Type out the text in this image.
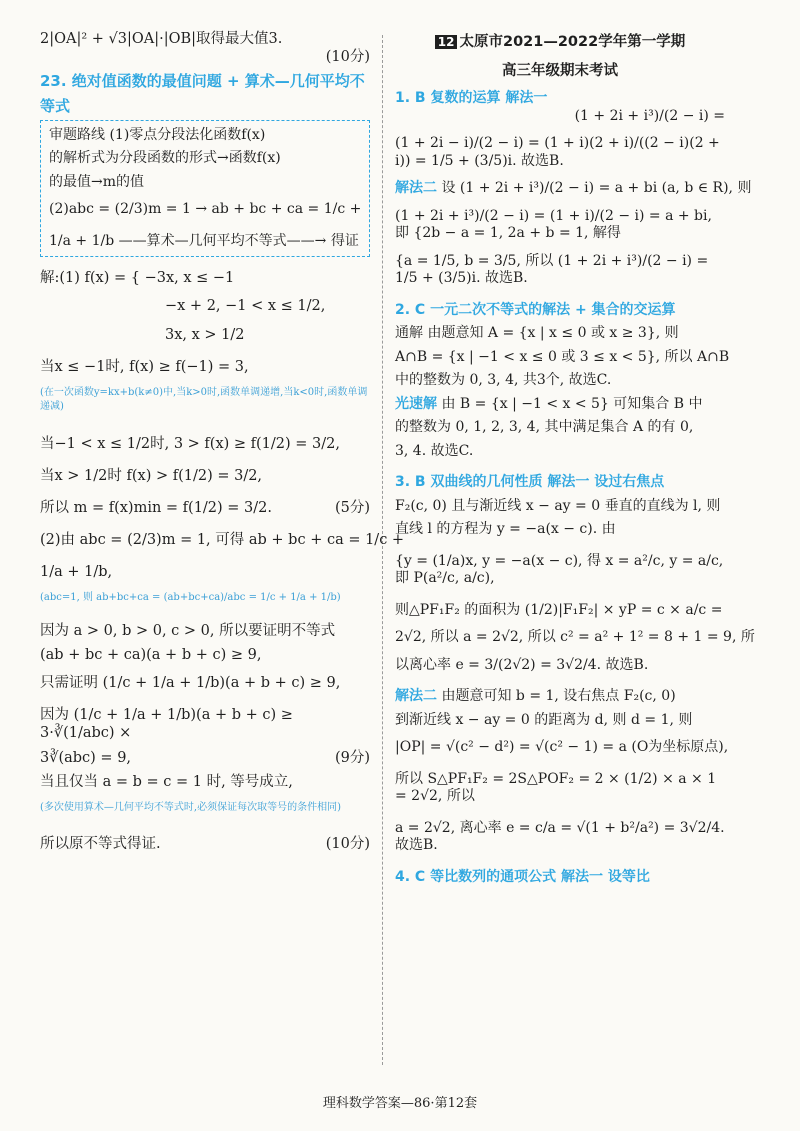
2|OA|² + √3|OA|·|OB|取得最大值3.

(10分)

23. 绝对值函数的最值问题 + 算术—几何平均不

等式

审题路线 (1)零点分段法化函数f(x)

的解析式为分段函数的形式→函数f(x)

的最值→m的值

(2)abc = (2/3)m = 1 → ab + bc + ca = 1/c +

1/a + 1/b ——算术—几何平均不等式——→ 得证

解:(1) f(x) = { −3x, x ≤ −1

−x + 2, −1 < x ≤ 1/2,

3x, x > 1/2

当x ≤ −1时, f(x) ≥ f(−1) = 3,

(在一次函数y=kx+b(k≠0)中,当k>0时,函数单调递增,当k<0时,函数单调递减)

当−1 < x ≤ 1/2时, 3 > f(x) ≥ f(1/2) = 3/2,

当x > 1/2时 f(x) > f(1/2) = 3/2,

所以 m = f(x)min = f(1/2) = 3/2.	(5分)

(2)由 abc = (2/3)m = 1, 可得 ab + bc + ca = 1/c +

1/a + 1/b,

(abc=1, 则 ab+bc+ca = (ab+bc+ca)/abc = 1/c + 1/a + 1/b)

因为 a > 0, b > 0, c > 0, 所以要证明不等式

(ab + bc + ca)(a + b + c) ≥ 9,

只需证明 (1/c + 1/a + 1/b)(a + b + c) ≥ 9,

因为 (1/c + 1/a + 1/b)(a + b + c) ≥ 3·∛(1/abc) ×

3∛(abc) = 9,	(9分)

当且仅当 a = b = c = 1 时, 等号成立,

(多次使用算术—几何平均不等式时,必须保证每次取等号的条件相同)

所以原不等式得证.	(10分)

12 太原市2021—2022学年第一学期
高三年级期末考试

1. B 复数的运算 解法一

(1 + 2i + i³)/(2 − i) =

(1 + 2i − i)/(2 − i) = (1 + i)(2 + i)/((2 − i)(2 + i)) = 1/5 + (3/5)i. 故选B.

解法二 设 (1 + 2i + i³)/(2 − i) = a + bi (a, b ∈ R), 则

(1 + 2i + i³)/(2 − i) = (1 + i)/(2 − i) = a + bi, 即 {2b − a = 1, 2a + b = 1, 解得

{a = 1/5, b = 3/5, 所以 (1 + 2i + i³)/(2 − i) = 1/5 + (3/5)i. 故选B.

2. C 一元二次不等式的解法 + 集合的交运算

通解 由题意知 A = {x | x ≤ 0 或 x ≥ 3}, 则

A∩B = {x | −1 < x ≤ 0 或 3 ≤ x < 5}, 所以 A∩B

中的整数为 0, 3, 4, 共3个, 故选C.

光速解 由 B = {x | −1 < x < 5} 可知集合 B 中

的整数为 0, 1, 2, 3, 4, 其中满足集合 A 的有 0,

3, 4. 故选C.

3. B 双曲线的几何性质 解法一 设过右焦点

F₂(c, 0) 且与渐近线 x − ay = 0 垂直的直线为 l, 则

直线 l 的方程为 y = −a(x − c). 由

{y = (1/a)x, y = −a(x − c), 得 x = a²/c, y = a/c, 即 P(a²/c, a/c),

则△PF₁F₂ 的面积为 (1/2)|F₁F₂| × yP = c × a/c =

2√2, 所以 a = 2√2, 所以 c² = a² + 1² = 8 + 1 = 9, 所

以离心率 e = 3/(2√2) = 3√2/4. 故选B.

解法二 由题意可知 b = 1, 设右焦点 F₂(c, 0)

到渐近线 x − ay = 0 的距离为 d, 则 d = 1, 则

|OP| = √(c² − d²) = √(c² − 1) = a (O为坐标原点),

所以 S△PF₁F₂ = 2S△POF₂ = 2 × (1/2) × a × 1 = 2√2, 所以

a = 2√2, 离心率 e = c/a = √(1 + b²/a²) = 3√2/4. 故选B.

4. C 等比数列的通项公式 解法一 设等比

理科数学答案—86·第12套
